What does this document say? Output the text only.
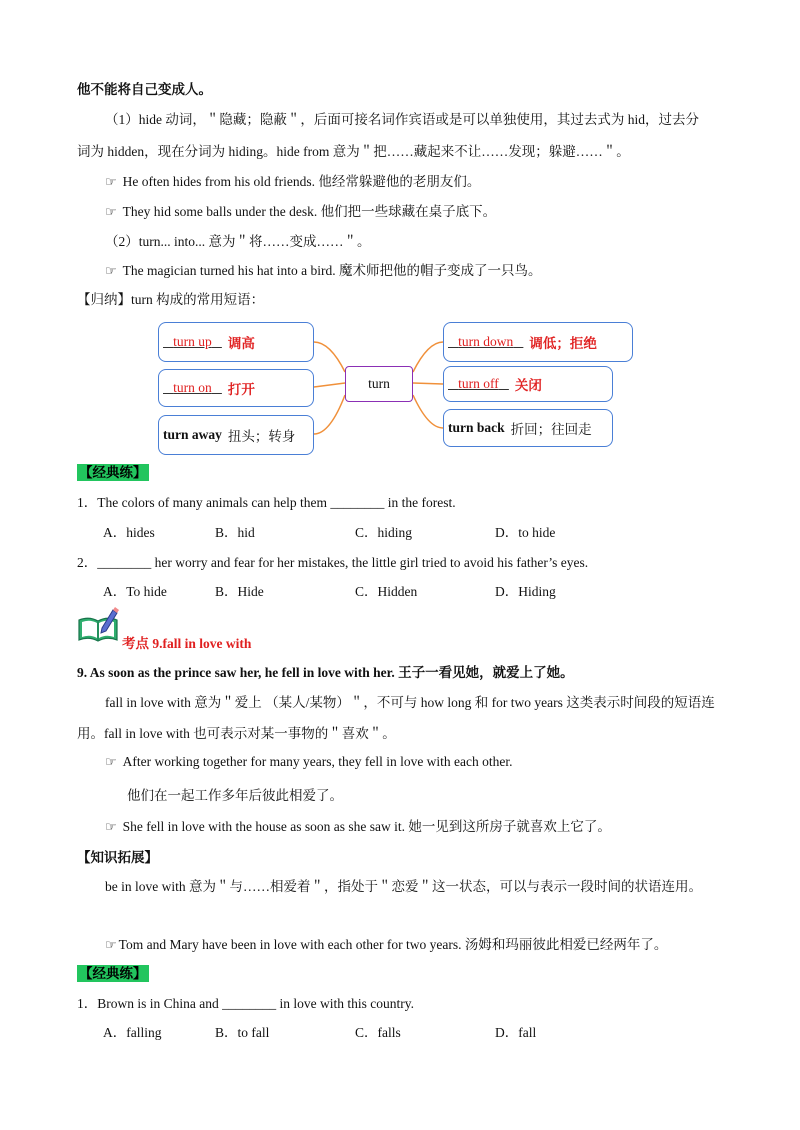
他不能将自己变成人。
（1）hide 动词，＂隐藏；隐蔽＂，后面可接名词作宾语或是可以单独使用，其过去式为 hid，过去分
词为 hidden，现在分词为 hiding。hide from 意为＂把……藏起来不让……发现；躲避……＂。
☞ He often hides from his old friends. 他经常躲避他的老朋友们。
☞ They hid some balls under the desk. 他们把一些球藏在桌子底下。
（2）turn... into... 意为＂将……变成……＂。
☞ The magician turned his hat into a bird. 魔术师把他的帽子变成了一只鸟。
【归纳】turn 构成的常用短语：
turn up	调高
turn on	打开
turn away 扭头；转身
turn
turn down	调低；拒绝
turn off	关闭
turn back 折回；往回走
【经典练】
1．The colors of many animals can help them ________ in the forest.
A．hides	B．hid	C．hiding	D．to hide
2．________ her worry and fear for her mistakes, the little girl tried to avoid his father’s eyes.
A．To hide	B．Hide	C．Hidden	D．Hiding
考点 9.fall in love with
9. As soon as the prince saw her, he fell in love with her. 王子一看见她，就爱上了她。
fall in love with 意为＂爱上 （某人/某物）＂，不可与 how long 和 for two years 这类表示时间段的短语连
用。fall in love with 也可表示对某一事物的＂喜欢＂。
☞ After working together for many years, they fell in love with each other.
他们在一起工作多年后彼此相爱了。
☞ She fell in love with the house as soon as she saw it. 她一见到这所房子就喜欢上它了。
【知识拓展】
be in love with 意为＂与……相爱着＂，指处于＂恋爱＂这一状态，可以与表示一段时间的状语连用。
☞ Tom and Mary have been in love with each other for two years. 汤姆和玛丽彼此相爱已经两年了。
【经典练】
1．Brown is in China and ________ in love with this country.
A．falling	B．to fall	C．falls	D．fall
